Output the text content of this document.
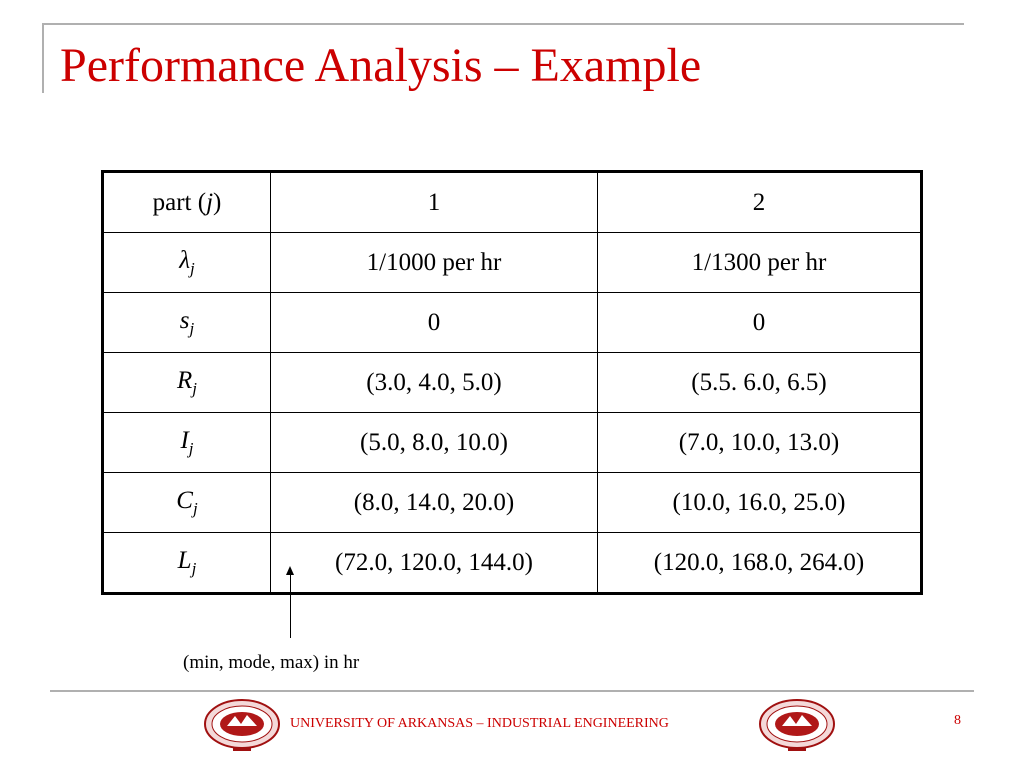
Performance Analysis – Example
part (j)	1	2
$\lambda_j$	1/1000 per hr	1/1300 per hr
$s_j$	0	0
$R_j$	(3.0, 4.0, 5.0)	(5.5. 6.0, 6.5)
$I_j$	(5.0, 8.0, 10.0)	(7.0, 10.0, 13.0)
$C_j$	(8.0, 14.0, 20.0)	(10.0, 16.0, 25.0)
$L_j$	(72.0, 120.0, 144.0)	(120.0, 168.0, 264.0)
(min, mode, max) in hr
UNIVERSITY OF ARKANSAS – INDUSTRIAL ENGINEERING	8
